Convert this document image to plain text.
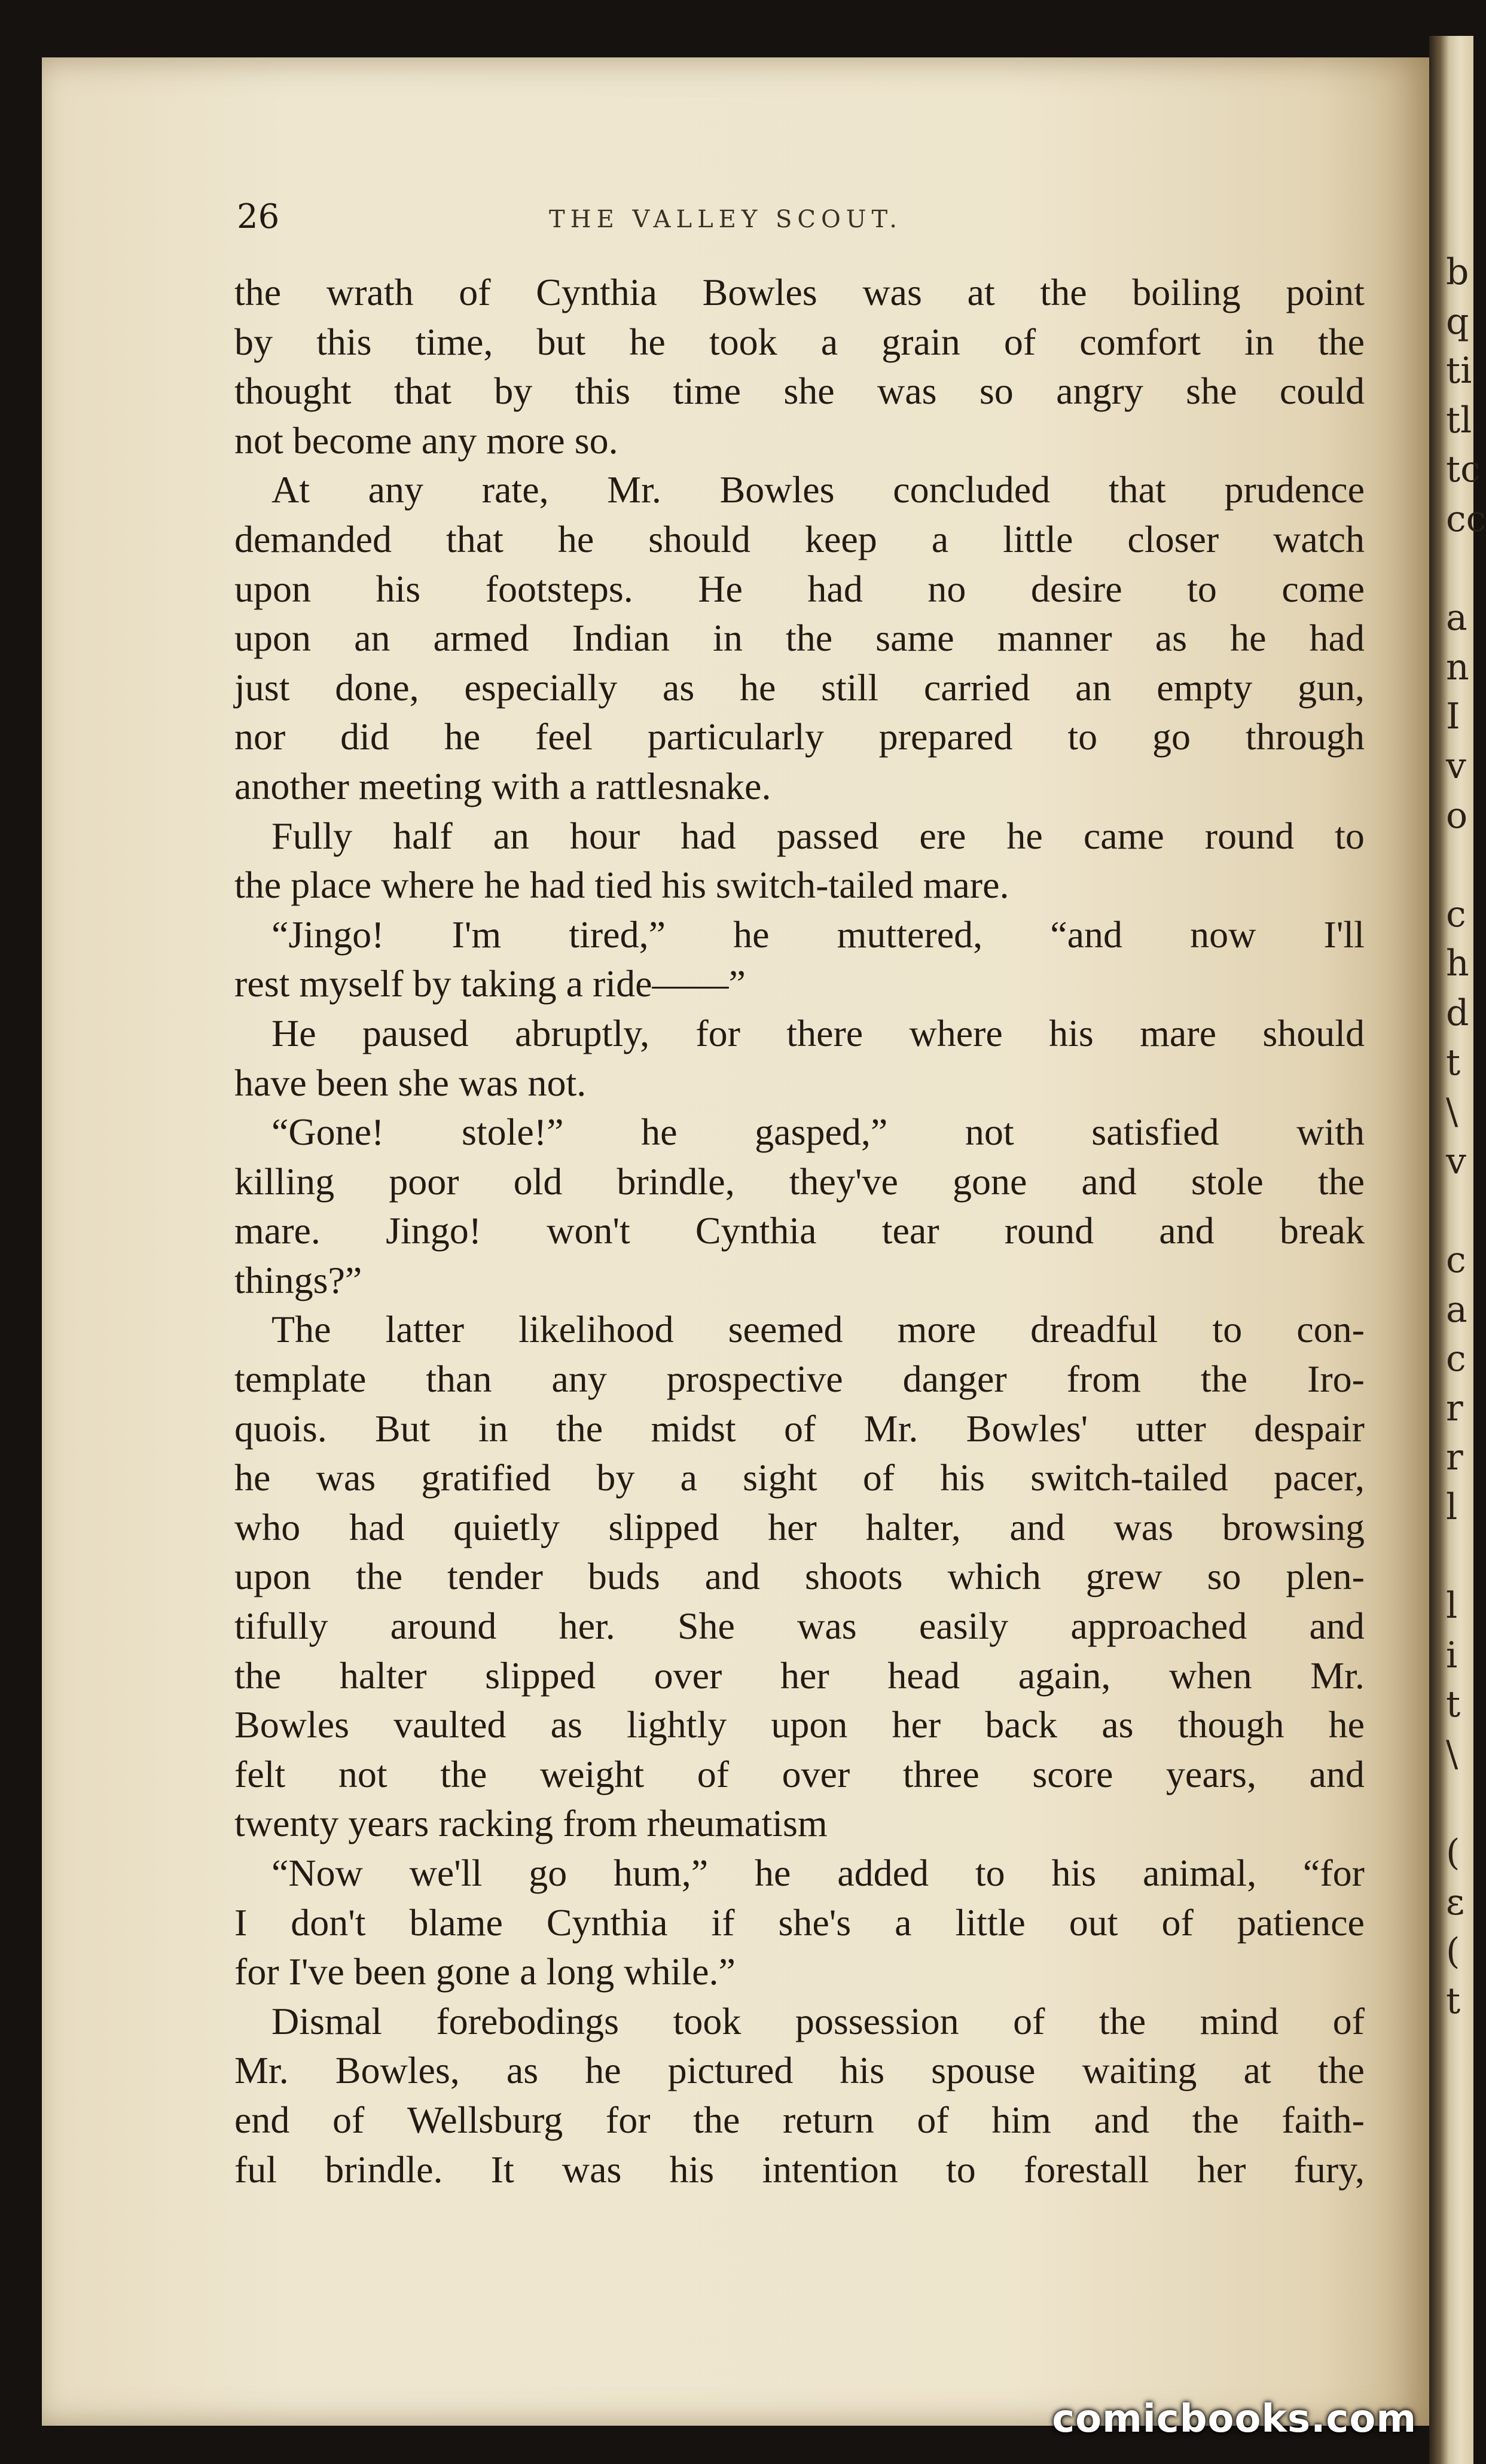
b
q
ti
tl
tc
cc
a
n
I
v
o
c
h
d
t
\
v
c
a
c
r
r
l
l
i
t
\
(
ε
(
t
26	THE VALLEY SCOUT.
the wrath of Cynthia Bowles was at the boiling point
by this time, but he took a grain of comfort in the
thought that by this time she was so angry she could
not become any more so.
At any rate, Mr. Bowles concluded that prudence
demanded that he should keep a little closer watch
upon his footsteps. He had no desire to come
upon an armed Indian in the same manner as he had
just done, especially as he still carried an empty gun,
nor did he feel particularly prepared to go through
another meeting with a rattlesnake.
Fully half an hour had passed ere he came round to
the place where he had tied his switch-tailed mare.
“Jingo! I'm tired,” he muttered, “and now I'll
rest myself by taking a ride——”
He paused abruptly, for there where his mare should
have been she was not.
“Gone! stole!” he gasped,” not satisfied with
killing poor old brindle, they've gone and stole the
mare. Jingo! won't Cynthia tear round and break
things?”
The latter likelihood seemed more dreadful to con-
template than any prospective danger from the Iro-
quois. But in the midst of Mr. Bowles' utter despair
he was gratified by a sight of his switch-tailed pacer,
who had quietly slipped her halter, and was browsing
upon the tender buds and shoots which grew so plen-
tifully around her. She was easily approached and
the halter slipped over her head again, when Mr.
Bowles vaulted as lightly upon her back as though he
felt not the weight of over three score years, and
twenty years racking from rheumatism
“Now we'll go hum,” he added to his animal, “for
I don't blame Cynthia if she's a little out of patience
for I've been gone a long while.”
Dismal forebodings took possession of the mind of
Mr. Bowles, as he pictured his spouse waiting at the
end of Wellsburg for the return of him and the faith-
ful brindle. It was his intention to forestall her fury,
comicbooks.com
